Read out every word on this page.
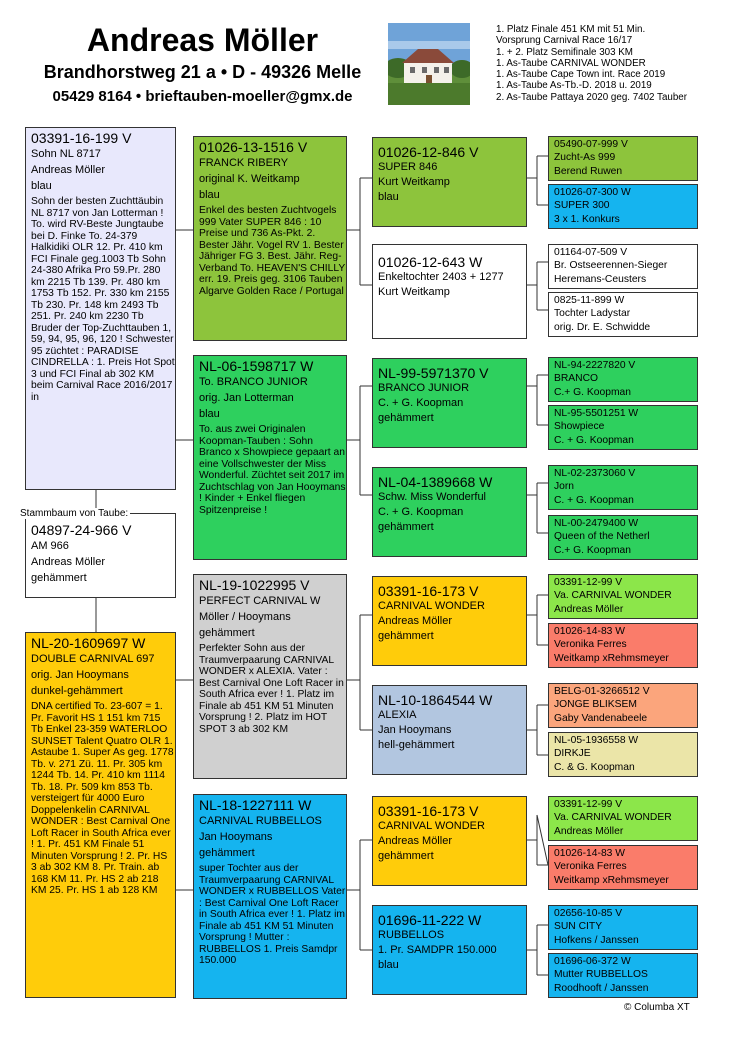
Andreas Möller
Brandhorstweg 21 a • D - 49326 Melle
05429 8164 • brieftauben-moeller@gmx.de
1. Platz Finale 451 KM mit 51 Min.
Vorsprung Carnival Race 16/17
1. + 2. Platz Semifinale 303 KM
1. As-Taube CARNIVAL WONDER
1. As-Taube Cape Town int. Race 2019
1. As-Taube As-Tb.-D. 2018 u. 2019
2. As-Taube Pattaya 2020 geg. 7402 Tauber
03391-16-199 V
Sohn NL 8717
Andreas Möller
blau
Sohn der besten Zuchttäubin NL 8717 von Jan Lotterman ! To. wird RV-Beste Jungtaube bei D. Finke To. 24-379 Halkidiki OLR 12. Pr. 410 km FCI Finale geg.1003 Tb Sohn 24-380 Afrika Pro 59.Pr. 280 km 2215 Tb 139. Pr. 480 km 1753 Tb 152. Pr. 330 km 2155 Tb 230. Pr. 148 km 2493 Tb 251. Pr. 240 km 2230 Tb Bruder der Top-Zuchttauben 1, 59, 94, 95, 96, 120 ! Schwester 95 züchtet : PARADISE CINDRELLA : 1. Preis Hot Spot 3 und FCI Final ab 302 KM beim Carnival Race 2016/2017 in
04897-24-966 V
AM 966
Andreas Möller
gehämmert
Stammbaum von Taube:
NL-20-1609697 W
DOUBLE CARNIVAL 697
orig. Jan Hooymans
dunkel-gehämmert
DNA certified To. 23-607 = 1. Pr. Favorit HS 1 151 km 715 Tb Enkel 23-359 WATERLOO SUNSET Talent Quatro OLR 1. Astaube 1. Super As geg. 1778 Tb. v. 271 Zü. 11. Pr. 305 km 1244 Tb. 14. Pr. 410 km 1114 Tb. 18. Pr. 509 km 853 Tb. versteigert für 4000 Euro Doppelenkelin CARNIVAL WONDER : Best Carnival One Loft Racer in South Africa ever ! 1. Pr. 451 KM Finale 51 Minuten Vorsprung ! 2. Pr. HS 3 ab 302 KM 8. Pr. Train. ab 168 KM 11. Pr. HS 2 ab 218 KM 25. Pr. HS 1 ab 128 KM
01026-13-1516 V
FRANCK RIBERY
original K. Weitkamp
blau
Enkel des besten Zuchtvogels 999 Vater SUPER 846 : 10 Preise und 736 As-Pkt. 2. Bester Jähr. Vogel RV 1. Bester Jähriger FG 3. Best. Jähr. Reg-Verband To. HEAVEN'S CHILLY err. 19. Preis geg. 3106 Tauben Algarve Golden Race / Portugal
NL-06-1598717 W
To. BRANCO JUNIOR
orig. Jan Lotterman
blau
To. aus zwei Originalen Koopman-Tauben : Sohn Branco x Showpiece gepaart an eine Vollschwester der Miss Wonderful. Züchtet seit 2017 im Zuchtschlag von Jan Hooymans ! Kinder + Enkel fliegen Spitzenpreise !
NL-19-1022995 V
PERFECT CARNIVAL W
Möller / Hooymans
gehämmert
Perfekter Sohn aus der Traumverpaarung CARNIVAL WONDER x ALEXIA. Vater : Best Carnival One Loft Racer in South Africa ever ! 1. Platz im Finale ab 451 KM 51 Minuten Vorsprung ! 2. Platz im HOT SPOT 3 ab 302 KM
NL-18-1227111 W
CARNIVAL RUBBELLOS
Jan Hooymans
gehämmert
super Tochter aus der Traumverpaarung CARNIVAL WONDER x RUBBELLOS Vater : Best Carnival One Loft Racer in South Africa ever ! 1. Platz im Finale ab 451 KM 51 Minuten Vorsprung ! Mutter : RUBBELLOS 1. Preis Samdpr 150.000
01026-12-846 V
SUPER 846
Kurt Weitkamp
blau
01026-12-643 W
Enkeltochter 2403 + 1277
Kurt Weitkamp
NL-99-5971370 V
BRANCO JUNIOR
C. + G. Koopman
gehämmert
NL-04-1389668 W
Schw. Miss Wonderful
C. + G. Koopman
gehämmert
03391-16-173 V
CARNIVAL WONDER
Andreas Möller
gehämmert
NL-10-1864544 W
ALEXIA
Jan Hooymans
hell-gehämmert
03391-16-173 V
CARNIVAL WONDER
Andreas Möller
gehämmert
01696-11-222 W
RUBBELLOS
1. Pr. SAMDPR 150.000
blau
05490-07-999 V
Zucht-As 999
Berend Ruwen
01026-07-300 W
SUPER 300
3 x 1. Konkurs
01164-07-509 V
Br. Ostseerennen-Sieger
Heremans-Ceusters
0825-11-899 W
Tochter Ladystar
orig. Dr. E. Schwidde
NL-94-2227820 V
BRANCO
C.+ G. Koopman
NL-95-5501251 W
Showpiece
C. + G. Koopman
NL-02-2373060 V
Jorn
C. + G. Koopman
NL-00-2479400 W
Queen of the Netherl
C.+ G. Koopman
03391-12-99 V
Va. CARNIVAL WONDER
Andreas Möller
01026-14-83 W
Veronika Ferres
Weitkamp xRehmsmeyer
BELG-01-3266512 V
JONGE BLIKSEM
Gaby Vandenabeele
NL-05-1936558 W
DIRKJE
C. & G. Koopman
03391-12-99 V
Va. CARNIVAL WONDER
Andreas Möller
01026-14-83 W
Veronika Ferres
Weitkamp xRehmsmeyer
02656-10-85 V
SUN CITY
Hofkens / Janssen
01696-06-372 W
Mutter RUBBELLOS
Roodhooft / Janssen
© Columba XT
